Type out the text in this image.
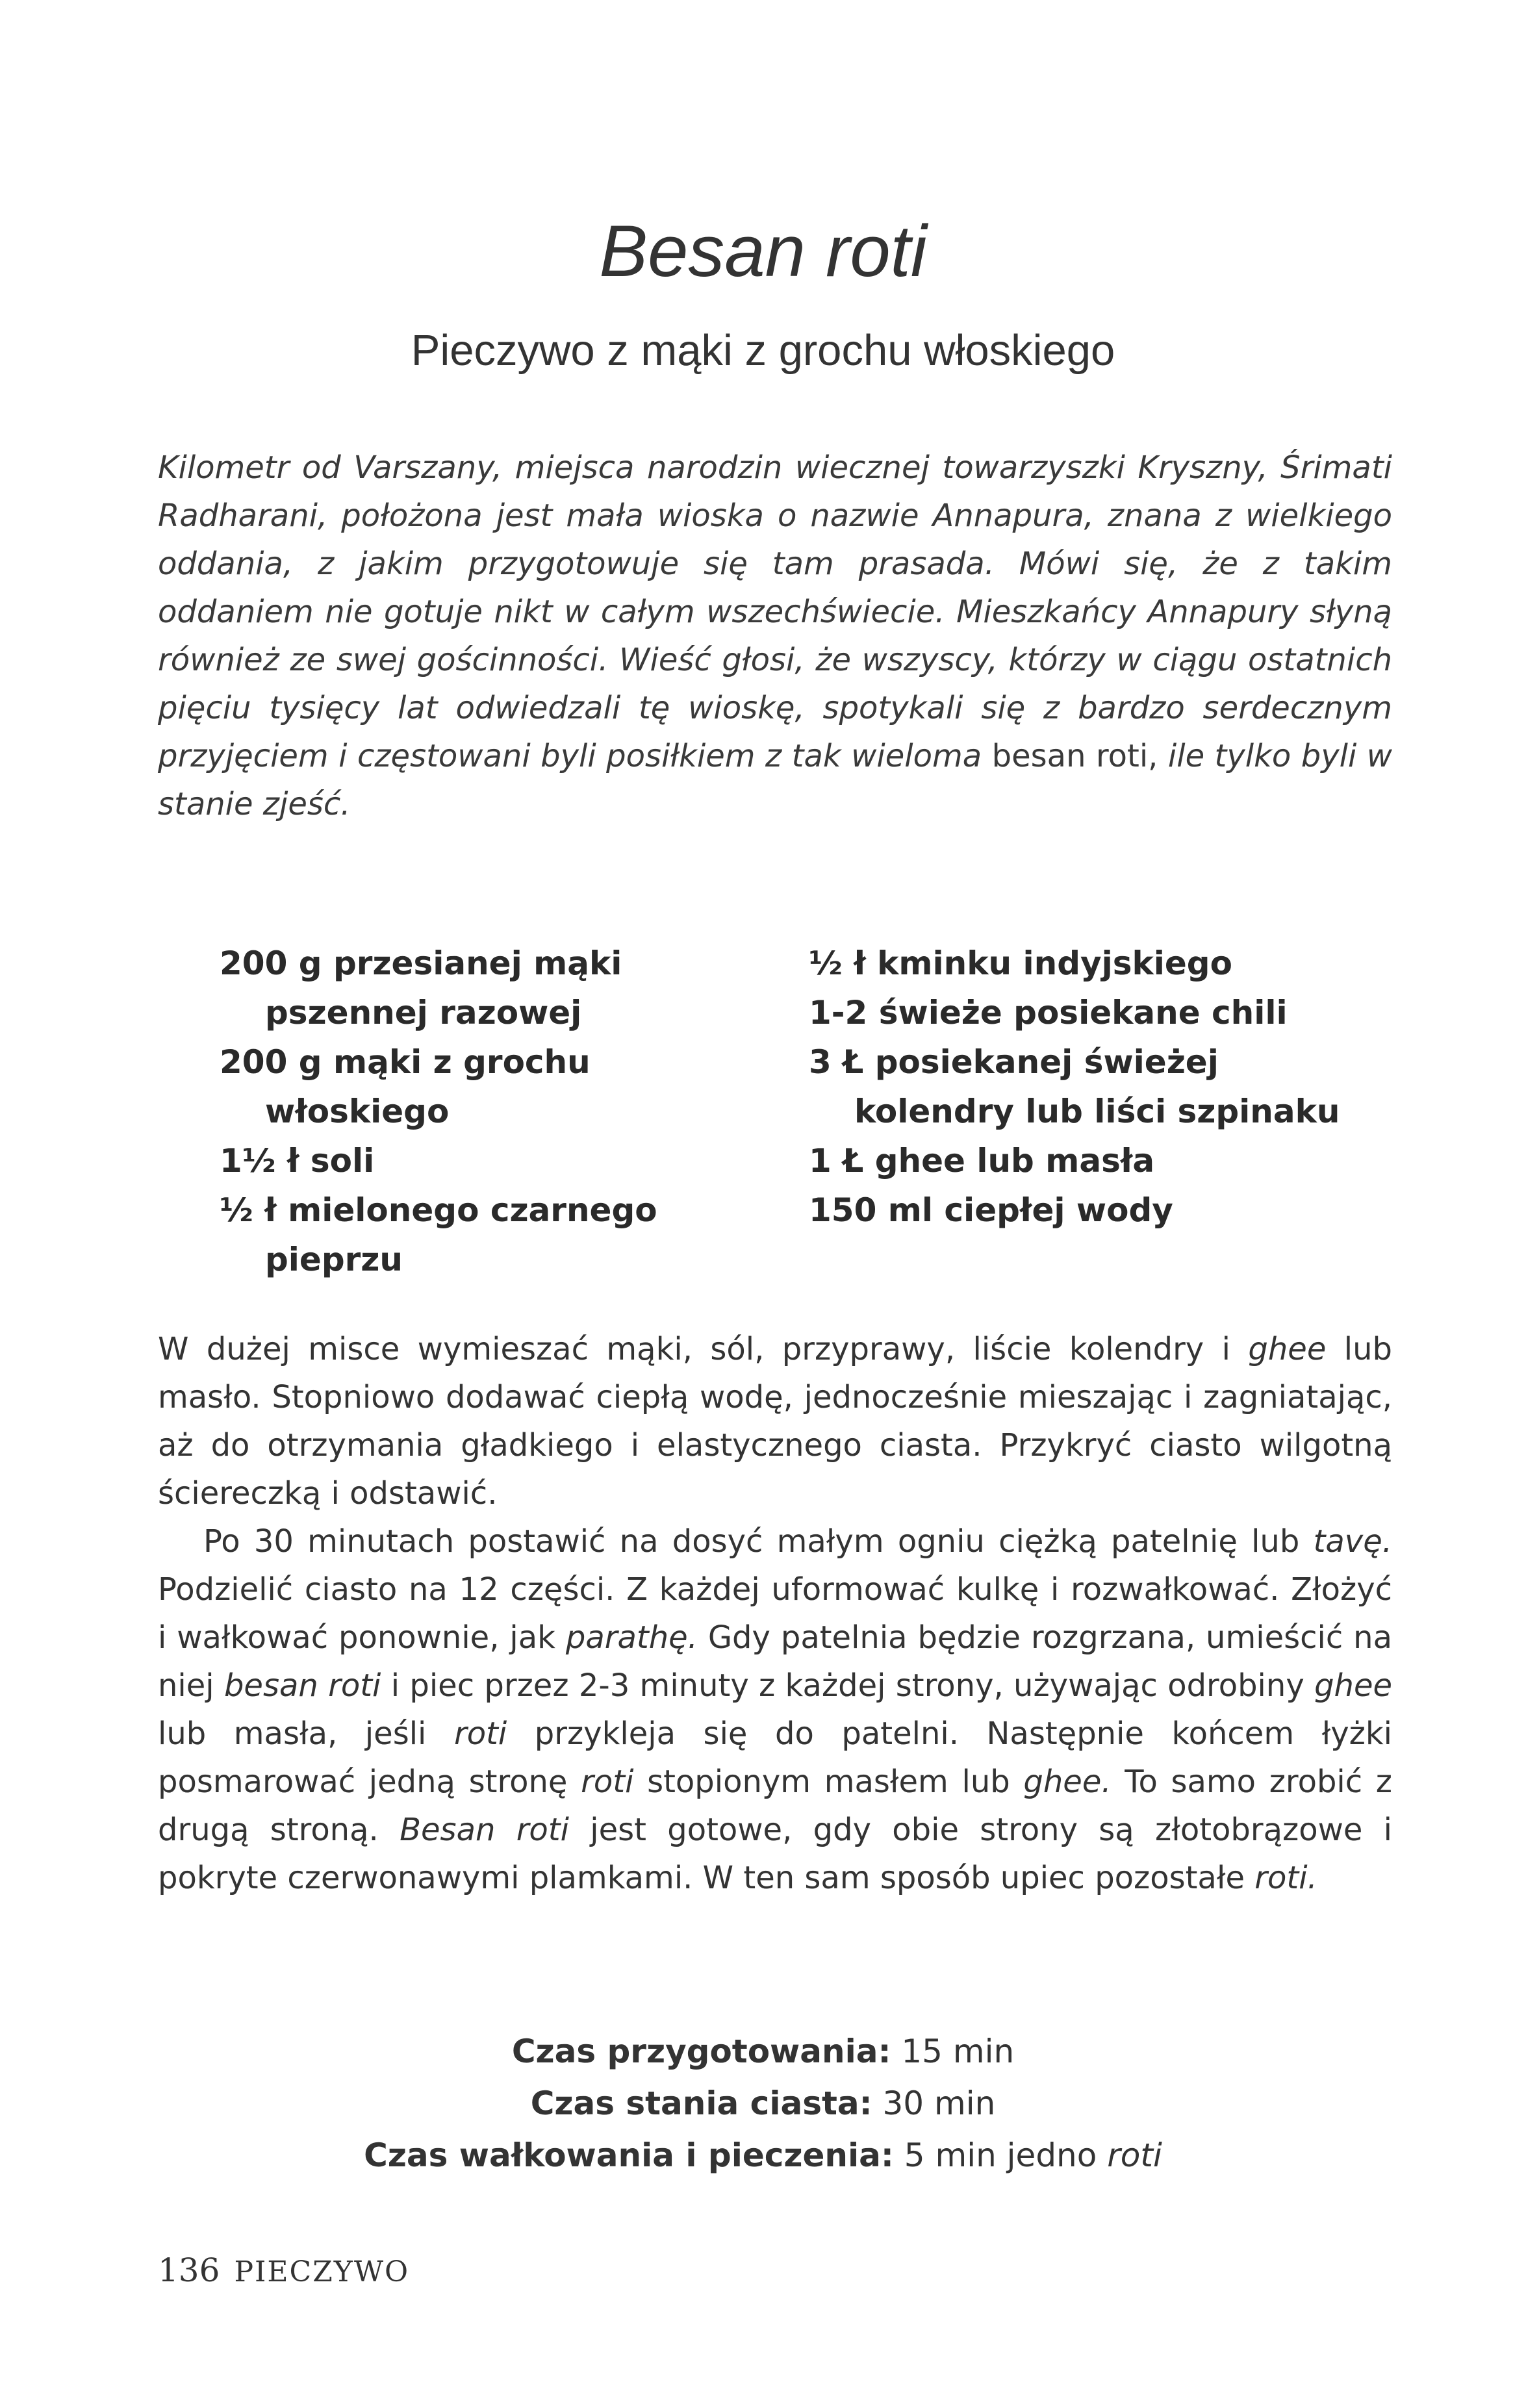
Besan roti
Pieczywo z mąki z grochu włoskiego
Kilometr od Varszany, miejsca narodzin wiecznej towarzyszki Kryszny, Śrimati Radharani, położona jest mała wioska o nazwie Annapura, znana z wielkiego oddania, z jakim przygotowuje się tam prasada. Mówi się, że z takim oddaniem nie gotuje nikt w całym wszechświecie. Mieszkańcy Annapury słyną również ze swej gościnności. Wieść głosi, że wszyscy, którzy w ciągu ostatnich pięciu tysięcy lat odwiedzali tę wioskę, spotykali się z bardzo serdecznym przyjęciem i częstowani byli posiłkiem z tak wieloma besan roti, ile tylko byli w stanie zjeść.

200 g przesianej mąki pszennej razowej

200 g mąki z grochu włoskiego

1½ ł soli

½ ł mielonego czarnego pieprzu

½ ł kminku indyjskiego

1-2 świeże posiekane chili

3 Ł posiekanej świeżej kolendry lub liści szpinaku

1 Ł ghee lub masła

150 ml ciepłej wody

W dużej misce wymieszać mąki, sól, przyprawy, liście kolendry i ghee lub masło. Stopniowo dodawać ciepłą wodę, jednocześnie mieszając i zagniatając, aż do otrzymania gładkiego i elastycznego ciasta. Przykryć ciasto wilgotną ściereczką i odstawić.

Po 30 minutach postawić na dosyć małym ogniu ciężką patelnię lub tavę. Podzielić ciasto na 12 części. Z każdej uformować kulkę i rozwałkować. Złożyć i wałkować ponownie, jak parathę. Gdy patelnia będzie rozgrzana, umieścić na niej besan roti i piec przez 2-3 minuty z każdej strony, używając odrobiny ghee lub masła, jeśli roti przykleja się do patelni. Następnie końcem łyżki posmarować jedną stronę roti stopionym masłem lub ghee. To samo zrobić z drugą stroną. Besan roti jest gotowe, gdy obie strony są złotobrązowe i pokryte czerwonawymi plamkami. W ten sam sposób upiec pozostałe roti.

Czas przygotowania: 15 min
Czas stania ciasta: 30 min
Czas wałkowania i pieczenia: 5 min jedno roti
136 PIECZYWO
